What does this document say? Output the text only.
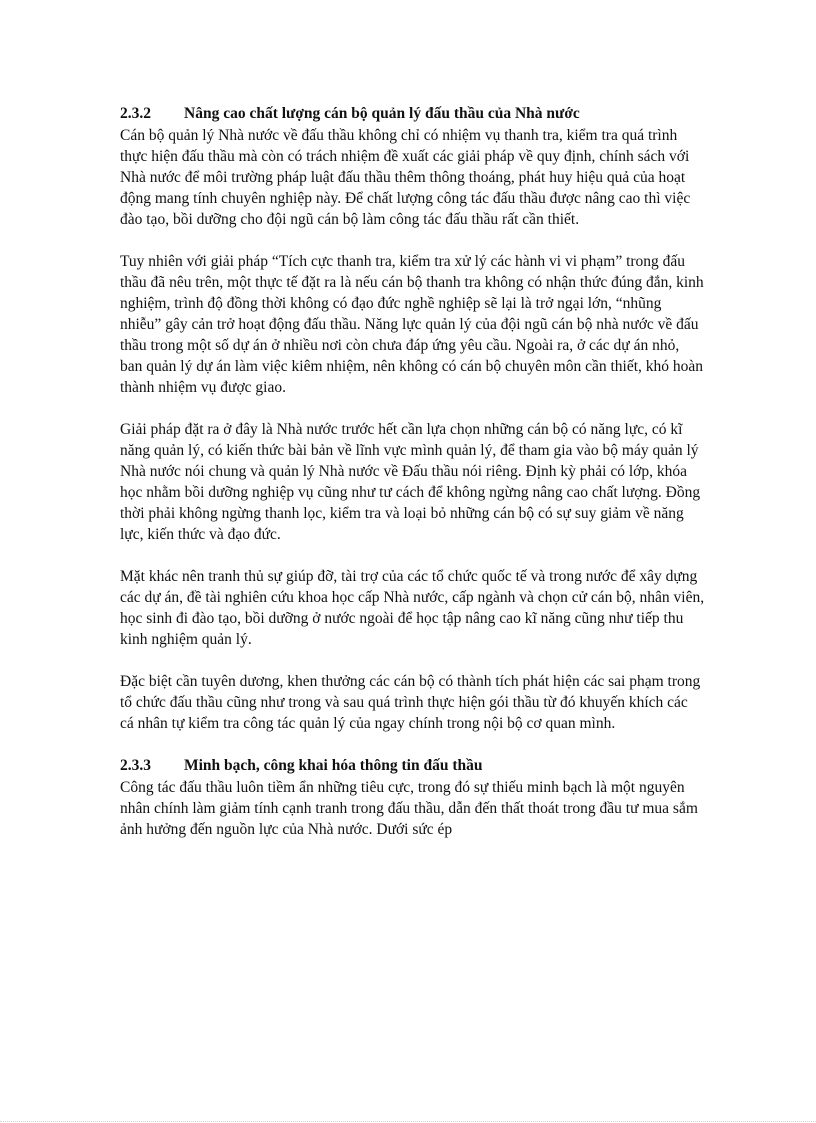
2.3.2	Nâng cao chất lượng cán bộ quản lý đấu thầu của Nhà nước

Cán bộ quản lý Nhà nước về đấu thầu không chỉ có nhiệm vụ thanh tra, kiểm tra quá trình thực hiện đấu thầu mà còn có trách nhiệm đề xuất các giải pháp về quy định, chính sách với Nhà nước để môi trường pháp luật đấu thầu thêm thông thoáng, phát huy hiệu quả của hoạt động mang tính chuyên nghiệp này. Để chất lượng công tác đấu thầu được nâng cao thì việc đào tạo, bồi dưỡng cho đội ngũ cán bộ làm công tác đấu thầu rất cần thiết.

Tuy nhiên với giải pháp “Tích cực thanh tra, kiểm tra xử lý các hành vi vi phạm” trong đấu thầu đã nêu trên, một thực tế đặt ra là nếu cán bộ thanh tra không có nhận thức đúng đắn, kinh nghiệm, trình độ đồng thời không có đạo đức nghề nghiệp sẽ lại là trở ngại lớn, “nhũng nhiễu” gây cản trở hoạt động đấu thầu. Năng lực quản lý của đội ngũ cán bộ nhà nước về đấu thầu trong một số dự án ở nhiều nơi còn chưa đáp ứng yêu cầu. Ngoài ra, ở các dự án nhỏ, ban quản lý dự án làm việc kiêm nhiệm, nên không có cán bộ chuyên môn cần thiết, khó hoàn thành nhiệm vụ được giao.

Giải pháp đặt ra ở đây là Nhà nước trước hết cần lựa chọn những cán bộ có năng lực, có kĩ năng quản lý, có kiến thức bài bản về lĩnh vực mình quản lý, để tham gia vào bộ máy quản lý Nhà nước nói chung và quản lý Nhà nước về Đấu thầu nói riêng. Định kỳ phải có lớp, khóa học nhằm bồi dưỡng nghiệp vụ cũng như tư cách để không ngừng nâng cao chất lượng. Đồng thời phải không ngừng thanh lọc, kiểm tra và loại bỏ những cán bộ có sự suy giảm về năng lực, kiến thức và đạo đức.

Mặt khác nên tranh thủ sự giúp đỡ, tài trợ của các tổ chức quốc tế và trong nước để xây dựng các dự án, đề tài nghiên cứu khoa học cấp Nhà nước, cấp ngành và chọn cử cán bộ, nhân viên, học sinh đi đào tạo, bồi dưỡng ở nước ngoài để học tập nâng cao kĩ năng cũng như tiếp thu kinh nghiệm quản lý.

Đặc biệt cần tuyên dương, khen thưởng các cán bộ có thành tích phát hiện các sai phạm trong tổ chức đấu thầu cũng như trong và sau quá trình thực hiện gói thầu từ đó khuyến khích các cá nhân tự kiểm tra công tác quản lý của ngay chính trong nội bộ cơ quan mình.

2.3.3	Minh bạch, công khai hóa thông tin đấu thầu

Công tác đấu thầu luôn tiềm ẩn những tiêu cực, trong đó sự thiếu minh bạch là một nguyên nhân chính làm giảm tính cạnh tranh trong đấu thầu, dẫn đến thất thoát trong đầu tư mua sắm ảnh hưởng đến nguồn lực của Nhà nước. Dưới sức ép
